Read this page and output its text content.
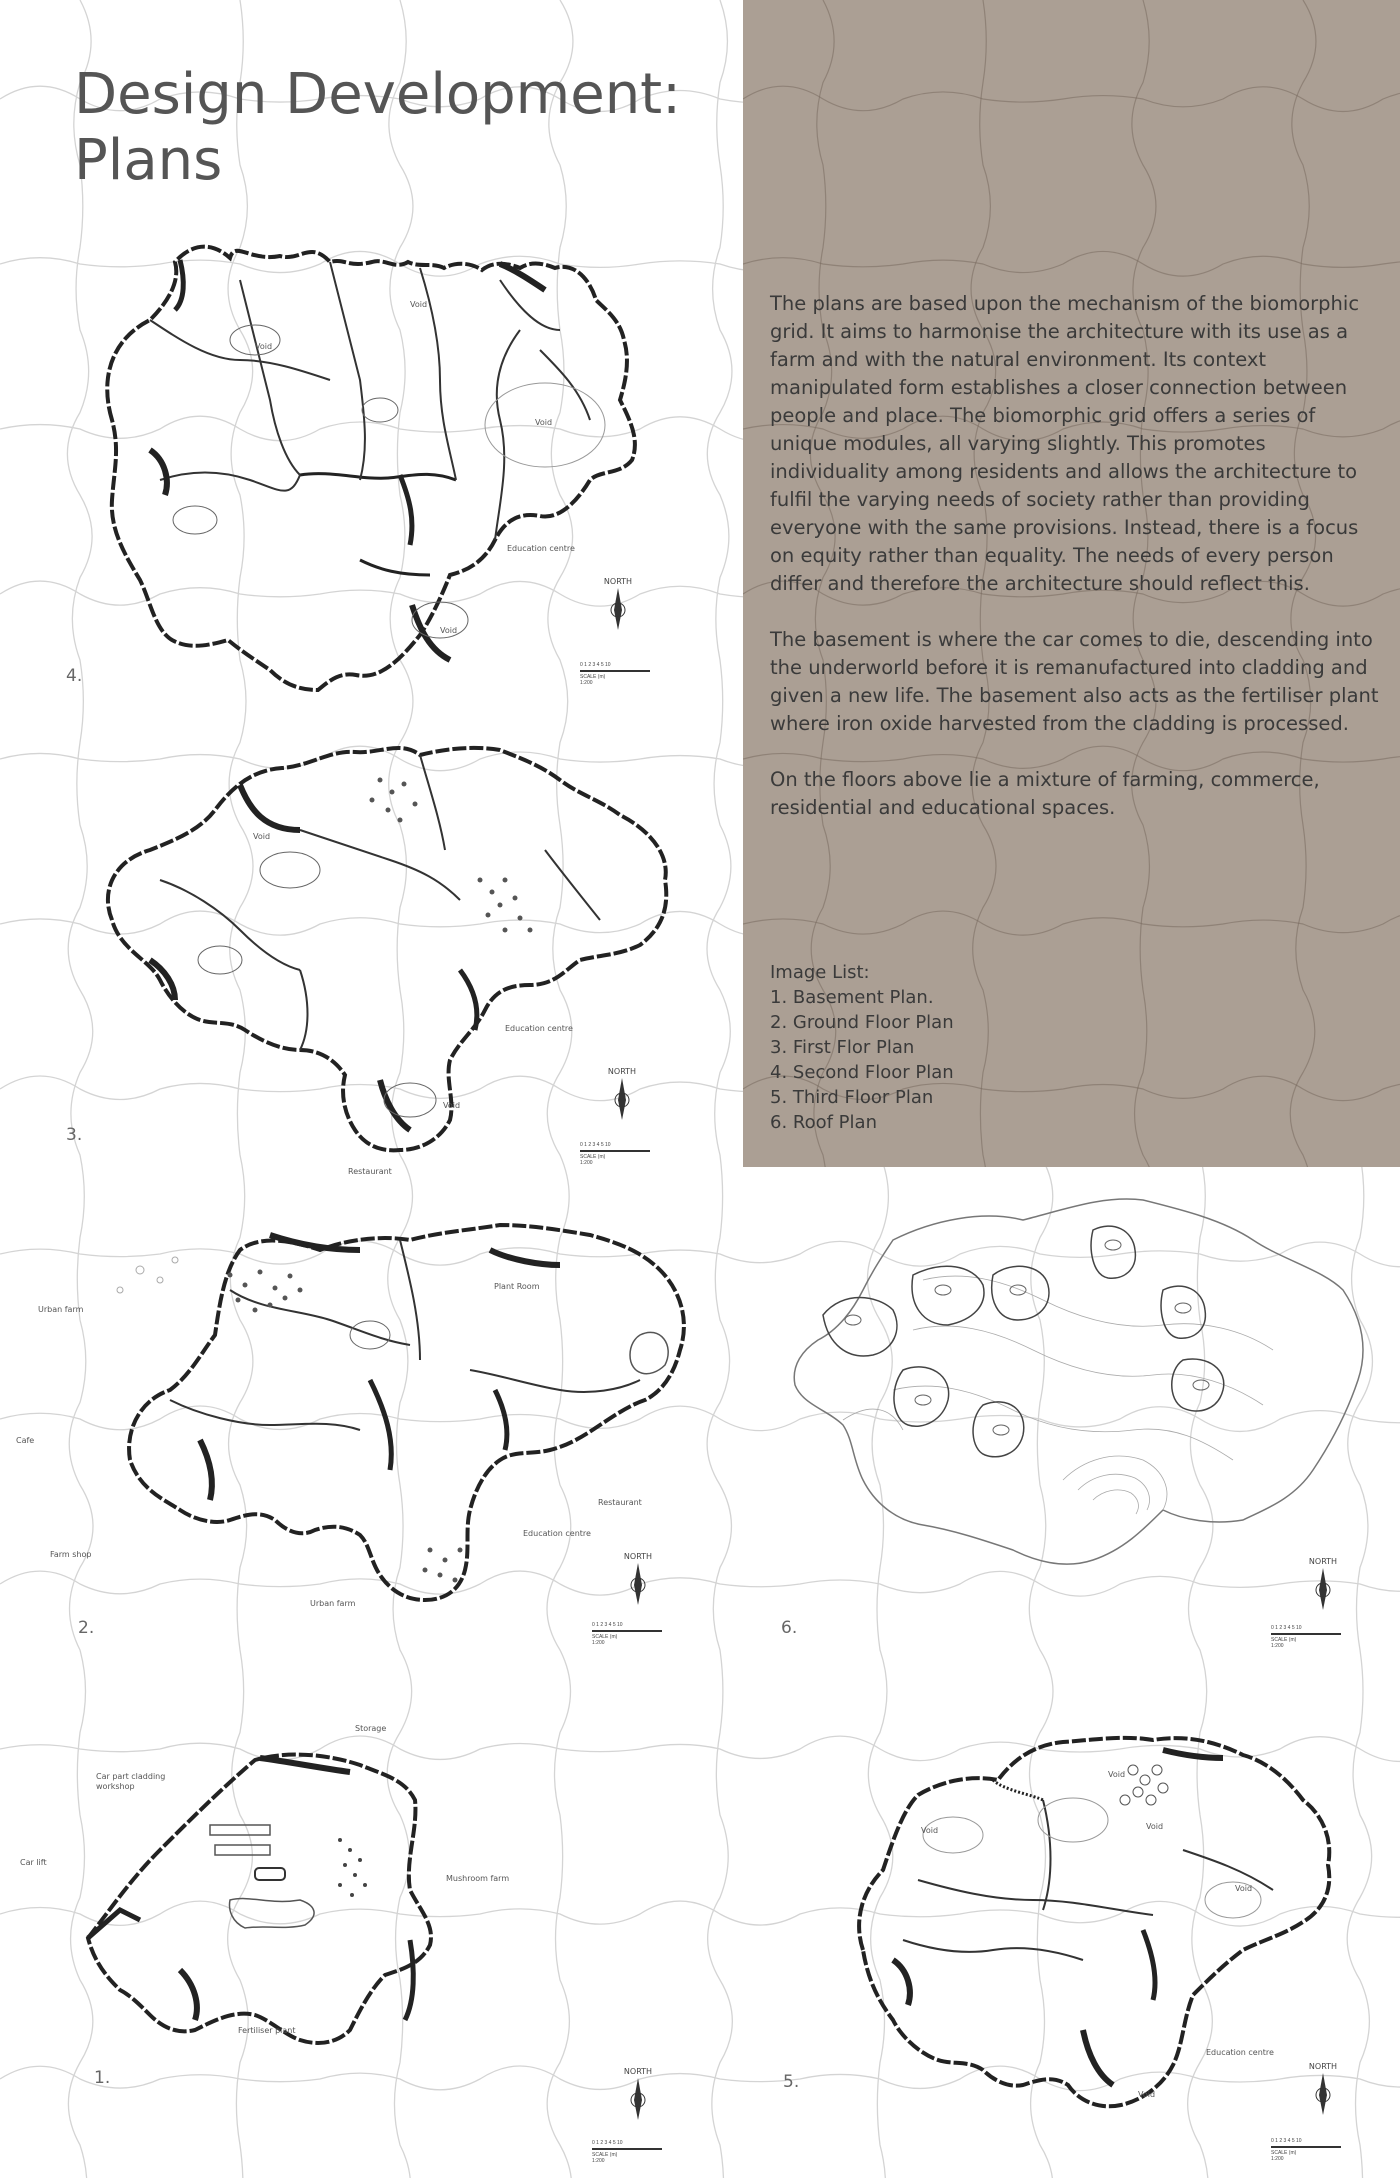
Design Development:
Plans

The plans are based upon the mechanism of the biomorphic grid. It aims to harmonise the architecture with its use as a farm and with the natural environment. Its context manipulated form establishes a closer connection between people and place. The biomorphic grid offers a series of unique modules, all varying slightly. This promotes individuality among residents and allows the architecture to fulfil the varying needs of society rather than providing everyone with the same provisions. Instead, there is a focus on equity rather than equality. The needs of every person differ and therefore the architecture should reflect this.

The basement is where the car comes to die, descending into the underworld before it is remanufactured into cladding and given a new life. The basement also acts as the fertiliser plant where iron oxide harvested from the cladding is processed.

On the floors above lie a mixture of farming, commerce, residential and educational spaces.

Image List:
1. Basement Plan.
2. Ground Floor Plan
3. First Flor Plan
4. Second Floor Plan
5. Third Floor Plan
6. Roof Plan
Void
Void
Void
Void
Education centre
4.
NORTH
0 1 2 3 4 5 10
SCALE (m)
1:200
Void
Void
Education centre
3.
NORTH
0 1 2 3 4 5 10
SCALE (m)
1:200
Restaurant
Urban farm
Plant Room
Cafe
Restaurant
Education centre
Farm shop
Urban farm
2.
NORTH
0 1 2 3 4 5 10
SCALE (m)
1:200
Storage
Car part cladding
workshop
Car lift
Mushroom farm
Fertiliser plant
1.	NORTH
0 1 2 3 4 5 10
SCALE (m)
1:200
6.
NORTH
0 1 2 3 4 5 10
SCALE (m)
1:200
Void
Void	Void
Void
Void
Education centre
5.
NORTH
0 1 2 3 4 5 10
SCALE (m)
1:200
